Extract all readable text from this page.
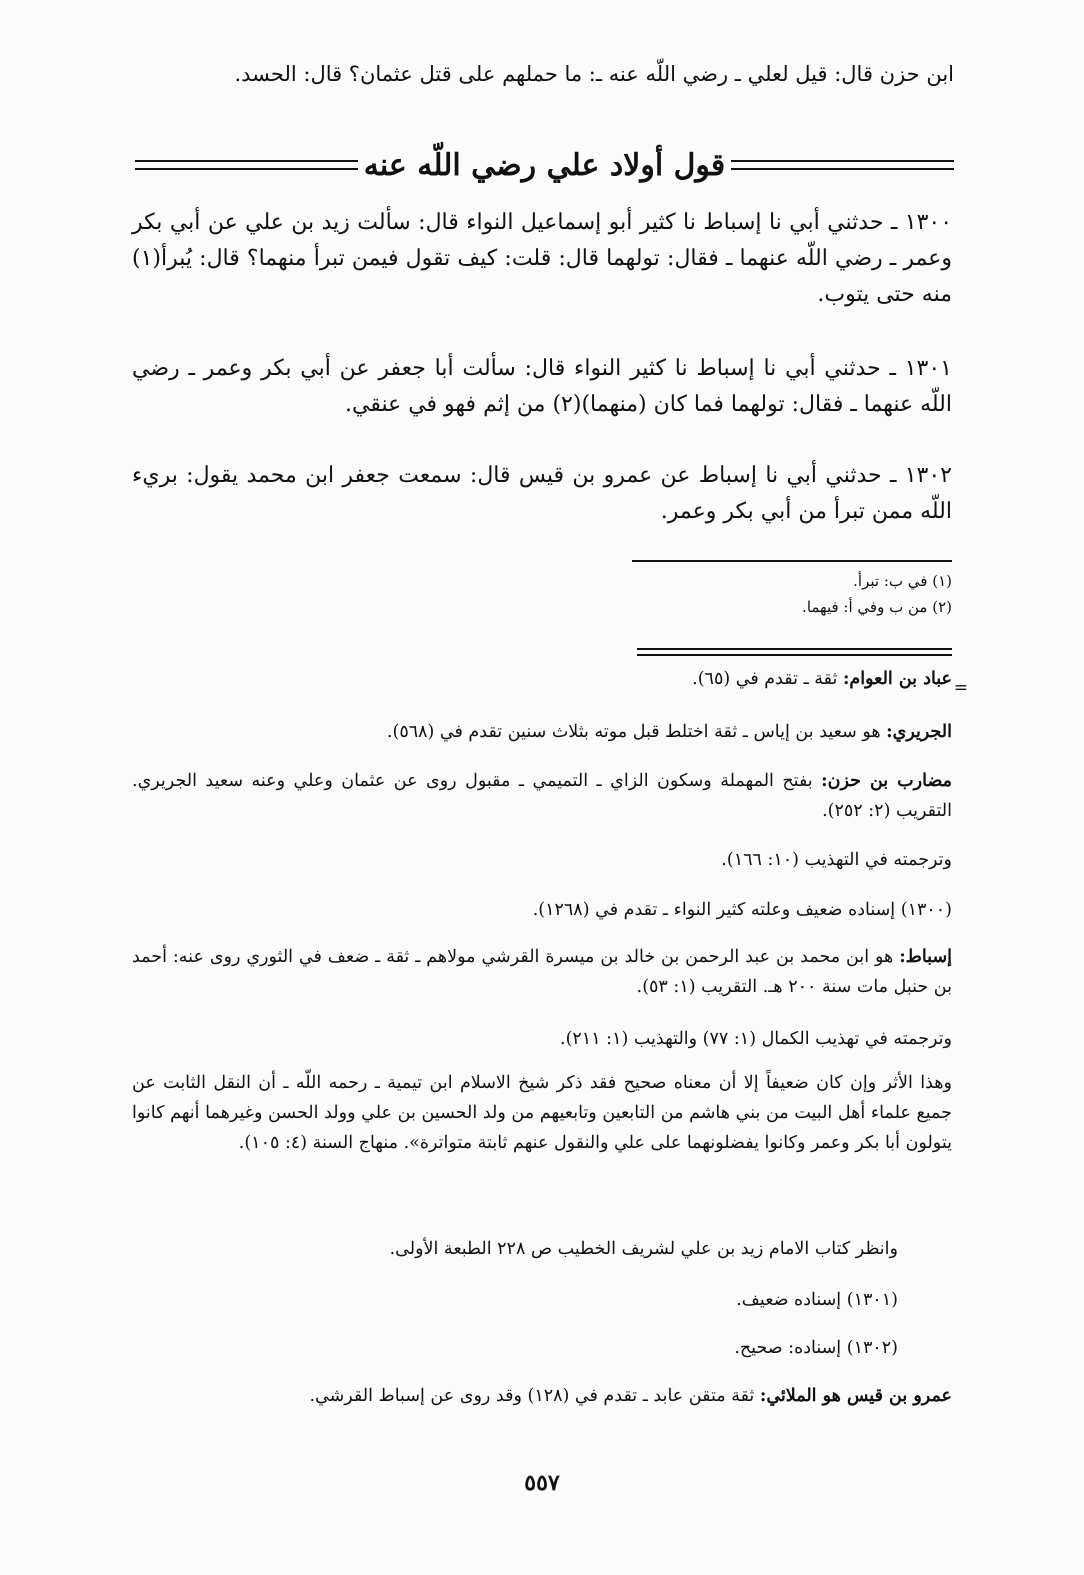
ابن حزن قال: قيل لعلي ـ رضي اللّه عنه ـ: ما حملهم على قتل عثمان؟ قال: الحسد.
قول أولاد علي رضي اللّه عنه
١٣٠٠ ـ حدثني أبي نا إسباط نا كثير أبو إسماعيل النواء قال: سألت زيد بن علي عن أبي بكر وعمر ـ رضي اللّه عنهما ـ فقال: تولهما قال: قلت: كيف تقول فيمن تبرأ منهما؟ قال: يُبرأ(١) منه حتى يتوب.
١٣٠١ ـ حدثني أبي نا إسباط نا كثير النواء قال: سألت أبا جعفر عن أبي بكر وعمر ـ رضي اللّه عنهما ـ فقال: تولهما فما كان (منهما)(٢) من إثم فهو في عنقي.
١٣٠٢ ـ حدثني أبي نا إسباط عن عمرو بن قيس قال: سمعت جعفر ابن محمد يقول: بريء اللّه ممن تبرأ من أبي بكر وعمر.
(١) في ب: تبرأ.
(٢) من ب وفي أ: فيهما.
=
عباد بن العوام: ثقة ـ تقدم في (٦٥).
الجريري: هو سعيد بن إياس ـ ثقة اختلط قبل موته بثلاث سنين تقدم في (٥٦٨).
مضارب بن حزن: بفتح المهملة وسكون الزاي ـ التميمي ـ مقبول روى عن عثمان وعلي وعنه سعيد الجريري. التقريب (٢: ٢٥٢).
وترجمته في التهذيب (١٠: ١٦٦).
(١٣٠٠) إسناده ضعيف وعلته كثير النواء ـ تقدم في (١٢٦٨).
إسباط: هو ابن محمد بن عبد الرحمن بن خالد بن ميسرة القرشي مولاهم ـ ثقة ـ ضعف في الثوري روى عنه: أحمد بن حنبل مات سنة ٢٠٠ هـ. التقريب (١: ٥٣).
وترجمته في تهذيب الكمال (١: ٧٧) والتهذيب (١: ٢١١).
وهذا الأثر وإن كان ضعيفاً إلا أن معناه صحيح فقد ذكر شيخ الاسلام ابن تيمية ـ رحمه اللّه ـ أن النقل الثابت عن جميع علماء أهل البيت من بني هاشم من التابعين وتابعيهم من ولد الحسين بن علي وولد الحسن وغيرهما أنهم كانوا يتولون أبا بكر وعمر وكانوا يفضلونهما على علي والنقول عنهم ثابتة متواترة». منهاج السنة (٤: ١٠٥).
وانظر كتاب الامام زيد بن علي لشريف الخطيب ص ٢٢٨ الطبعة الأولى.
(١٣٠١) إسناده ضعيف.
(١٣٠٢) إسناده: صحيح.
عمرو بن قيس هو الملائي: ثقة متقن عابد ـ تقدم في (١٢٨) وقد روى عن إسباط القرشي.
٥٥٧
